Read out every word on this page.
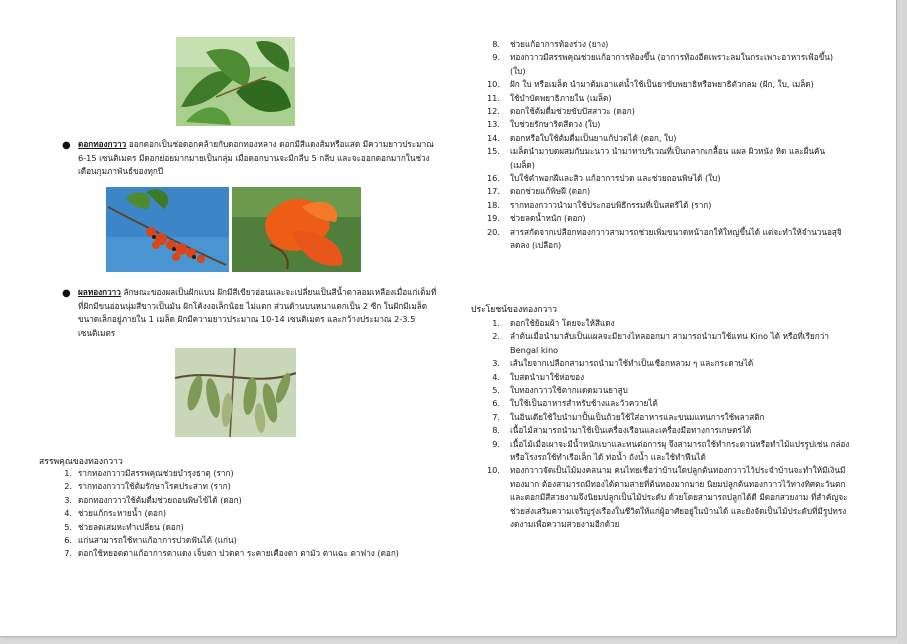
● ดอกทองกวาว ออกดอกเป็นช่อดอกคล้ายกับดอกทองหลาง ดอกมีสีแดงส้มหรือแสด มีความยาวประมาณ 6-15 เซนติเมตร มีดอกย่อยมากมายเป็นกลุ่ม เมื่อดอกบานจะมีกลีบ 5 กลีบ และจะออกดอกมากในช่วงเดือนกุมภาพันธ์ของทุกปี
● ผลทองกวาว ลักษณะของผลเป็นฝักแบน ฝักมีสีเขียวอ่อนและจะเปลี่ยนเป็นสีน้ำตาลอมเหลืองเมื่อแก่เต็มที่ ที่ฝักมีขนอ่อนนุ่มสีขาวเป็นมัน ฝักโค้งงอเล็กน้อย ไม่แตก ส่วนด้านบนหนาแตกเป็น 2 ซีก ในฝักมีเมล็ดขนาดเล็กอยู่ภายใน 1 เมล็ด ฝักมีความยาวประมาณ 10-14 เซนติเมตร และกว้างประมาณ 2-3.5 เซนติเมตร
สรรพคุณของทองกวาว
1. รากทองกวาวมีสรรพคุณช่วยบำรุงธาตุ (ราก)
2. รากทองกวาวใช้ต้มรักษาโรคประสาท (ราก)
3. ดอกทองกวาวใช้ต้มดื่มช่วยถอนพิษไข้ได้ (ดอก)
4. ช่วยแก้กระหายน้ำ (ดอก)
5. ช่วยลดเสมหะทำเปลี่ยน (ดอก)
6. แก่นสามารถใช้ทาแก้อาการปวดฟันได้ (แก่น)
7. ดอกใช้หยอดตาแก้อาการตาแดง เจ็บตา ปวดตา ระคายเคืองตา ตามัว ตาแฉะ ตาฟาง (ดอก)
8. ช่วยแก้อาการท้องร่วง (ยาง)
9. ทองกวาวมีสรรพคุณช่วยแก้อาการท้องขึ้น (อาการท้องอืดเพราะลมในกระเพาะอาหารเฟ้อขึ้น) (ใบ)
10. ฝัก ใบ หรือเมล็ด นำมาต้มเอาแต่น้ำใช้เป็นยาขับพยาธิหรือพยาธิตัวกลม (ฝัก, ใบ, เมล็ด)
11. ใช้บำบัดพยาธิภายใน (เมล็ด)
12. ดอกใช้ต้มดื่มช่วยขับปัสสาวะ (ดอก)
13. ใบช่วยรักษาริดสีดวง (ใบ)
14. ดอกหรือใบใช้ต้มดื่มเป็นยาแก้ปวดได้ (ดอก, ใบ)
15. เมล็ดนำมาบดผสมกับมะนาว นำมาทาบริเวณที่เป็นกลากเกลื้อน แผล ผิวหนัง หิด และผื่นคัน (เมล็ด)
16. ใบใช้ตำพอกฝีและสิว แก้อาการปวด และช่วยถอนพิษได้ (ใบ)
17. ดอกช่วยแก้พิษฝี (ดอก)
18. รากทองกวาวนำมาใช้ประกอบพิธีกรรมที่เป็นสตรีได้ (ราก)
19. ช่วยลดน้ำหนัก (ดอก)
20. สารสกัดจากเปลือกทองกวาวสามารถช่วยเพิ่มขนาดหน้าอกให้ใหญ่ขึ้นได้ แต่จะทำให้จำนวนอสุจิลดลง (เปลือก)
ประโยชน์ของทองกวาว
1. ดอกใช้ย้อมผ้า โดยจะให้สีแดง
2. ลำต้นเมื่อนำมาสับเป็นแผลจะมียางไหลออกมา สามารถนำมาใช้แทน Kino ได้ หรือที่เรียกว่า Bengal kino
3. เส้นใยจากเปลือกสามารถนำมาใช้ทำเป็นเชือกหลวม ๆ และกระดาษได้
4. ใบสดนำมาใช้ห่อของ
5. ใบทองกวาวใช้ตากแดดมวนยาสูบ
6. ใบใช้เป็นอาหารสำหรับช้างและวัวควายได้
7. ในอินเดียใช้ใบนำมาปั้นเป็นถ้วยใช้ใส่อาหารและขนมแทนการใช้พลาสติก
8. เนื้อไม้สามารถนำมาใช้เป็นเครื่องเรือนและเครื่องมือทางการเกษตรได้
9. เนื้อไม้เมื่อเผาจะมีน้ำหนักเบาและทนต่อการผุ จึงสามารถใช้ทำกระดานหรือทำไม้แปรรูปเช่น กล่องหรือโรงรถใช้ทำเรือเล็ก ได้ ท่อน้ำ ถังน้ำ และใช้ทำฟืนได้
10. ทองกวาวจัดเป็นไม้มงคลนาม คนไทยเชื่อว่าบ้านใดปลูกต้นทองกวาวไว้ประจำบ้านจะทำให้มีเงินมีทองมาก ต้องสามารถมีทองได้ตามสายที่ต้นทองมากมาย นิยมปลูกต้นทองกวาวไว้ทางทิศตะวันตก และดอกมีสีสวยงามจึงนิยมปลูกเป็นไม้ประดับ ด้วยโดยสามารถปลูกได้ดี มีดอกสวยงาม ที่สำคัญจะช่วยส่งเสริมความเจริญรุ่งเรืองในชีวิตให้แก่ผู้อาศัยอยู่ในบ้านได้ และยังจัดเป็นไม้ประดับที่มีรูปทรงงดงามเพื่อความสวยงามอีกด้วย
